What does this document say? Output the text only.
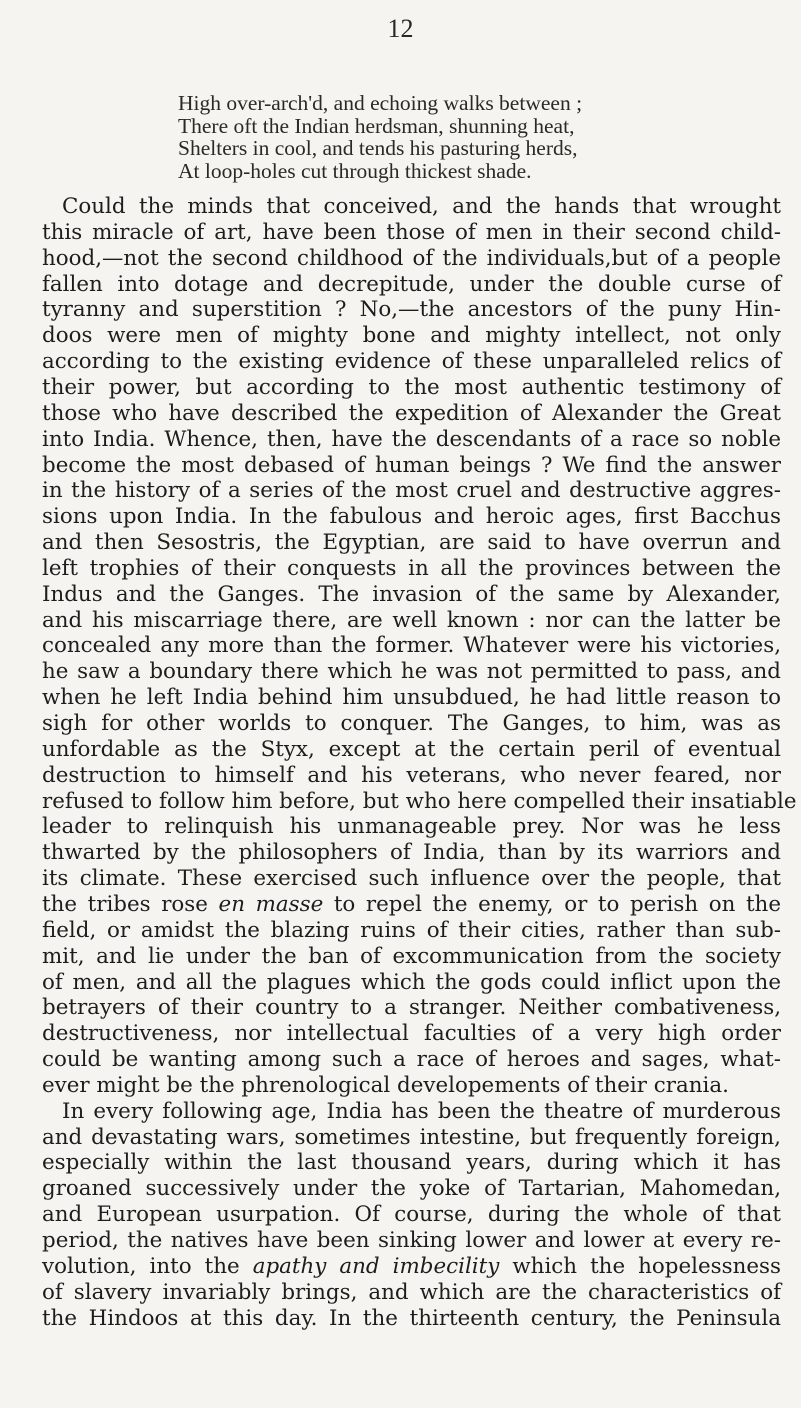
12
High over-arch'd, and echoing walks between ;
There oft the Indian herdsman, shunning heat,
Shelters in cool, and tends his pasturing herds,
At loop-holes cut through thickest shade.
Could the minds that conceived, and the hands that wrought
this miracle of art, have been those of men in their second child-
hood,—not the second childhood of the individuals,but of a people
fallen into dotage and decrepitude, under the double curse of
tyranny and superstition ? No,—the ancestors of the puny Hin-
doos were men of mighty bone and mighty intellect, not only
according to the existing evidence of these unparalleled relics of
their power, but according to the most authentic testimony of
those who have described the expedition of Alexander the Great
into India. Whence, then, have the descendants of a race so noble
become the most debased of human beings ? We find the answer
in the history of a series of the most cruel and destructive aggres-
sions upon India. In the fabulous and heroic ages, first Bacchus
and then Sesostris, the Egyptian, are said to have overrun and
left trophies of their conquests in all the provinces between the
Indus and the Ganges. The invasion of the same by Alexander,
and his miscarriage there, are well known : nor can the latter be
concealed any more than the former. Whatever were his victories,
he saw a boundary there which he was not permitted to pass, and
when he left India behind him unsubdued, he had little reason to
sigh for other worlds to conquer. The Ganges, to him, was as
unfordable as the Styx, except at the certain peril of eventual
destruction to himself and his veterans, who never feared, nor
refused to follow him before, but who here compelled their insatiable
leader to relinquish his unmanageable prey. Nor was he less
thwarted by the philosophers of India, than by its warriors and
its climate. These exercised such influence over the people, that
the tribes rose en masse to repel the enemy, or to perish on the
field, or amidst the blazing ruins of their cities, rather than sub-
mit, and lie under the ban of excommunication from the society
of men, and all the plagues which the gods could inflict upon the
betrayers of their country to a stranger. Neither combativeness,
destructiveness, nor intellectual faculties of a very high order
could be wanting among such a race of heroes and sages, what-
ever might be the phrenological developements of their crania.
In every following age, India has been the theatre of murderous
and devastating wars, sometimes intestine, but frequently foreign,
especially within the last thousand years, during which it has
groaned successively under the yoke of Tartarian, Mahomedan,
and European usurpation. Of course, during the whole of that
period, the natives have been sinking lower and lower at every re-
volution, into the apathy and imbecility which the hopelessness
of slavery invariably brings, and which are the characteristics of
the Hindoos at this day. In the thirteenth century, the Peninsula
